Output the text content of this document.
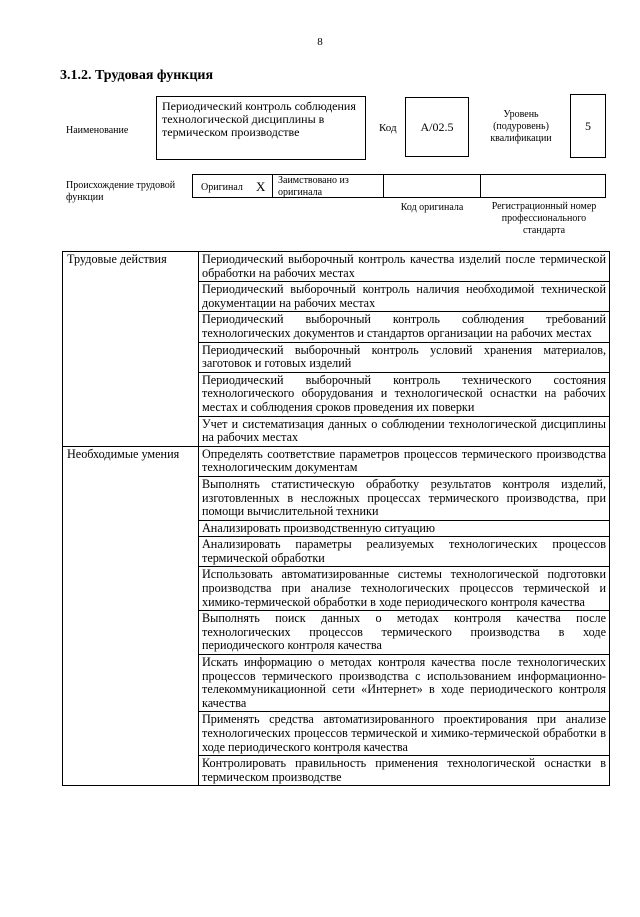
8
3.1.2. Трудовая функция
Наименование
Периодический контроль соблюдения технологической дисциплины в термическом производстве	Код	А/02.5
Уровень (подуровень) квалификации
5
Происхождение трудовой функции
Оригинал X Заимствовано из оригинала
Код оригинала	Регистрационный номер профессионального стандарта
Трудовые действия	Периодический выборочный контроль качества изделий после термической обработки на рабочих местах
	Периодический выборочный контроль наличия необходимой технической документации на рабочих местах
	Периодический выборочный контроль соблюдения требований технологических документов и стандартов организации на рабочих местах
	Периодический выборочный контроль условий хранения материалов, заготовок и готовых изделий
	Периодический выборочный контроль технического состояния технологического оборудования и технологической оснастки на рабочих местах и соблюдения сроков проведения их поверки
	Учет и систематизация данных о соблюдении технологической дисциплины на рабочих местах
Необходимые умения	Определять соответствие параметров процессов термического производства технологическим документам
	Выполнять статистическую обработку результатов контроля изделий, изготовленных в несложных процессах термического производства, при помощи вычислительной техники
	Анализировать производственную ситуацию
	Анализировать параметры реализуемых технологических процессов термической обработки
	Использовать автоматизированные системы технологической подготовки производства при анализе технологических процессов термической и химико-термической обработки в ходе периодического контроля качества
	Выполнять поиск данных о методах контроля качества после технологических процессов термического производства в ходе периодического контроля качества
	Искать информацию о методах контроля качества после технологических процессов термического производства с использованием информационно-телекоммуникационной сети «Интернет» в ходе периодического контроля качества
	Применять средства автоматизированного проектирования при анализе технологических процессов термической и химико-термической обработки в ходе периодического контроля качества
	Контролировать правильность применения технологической оснастки в термическом производстве
